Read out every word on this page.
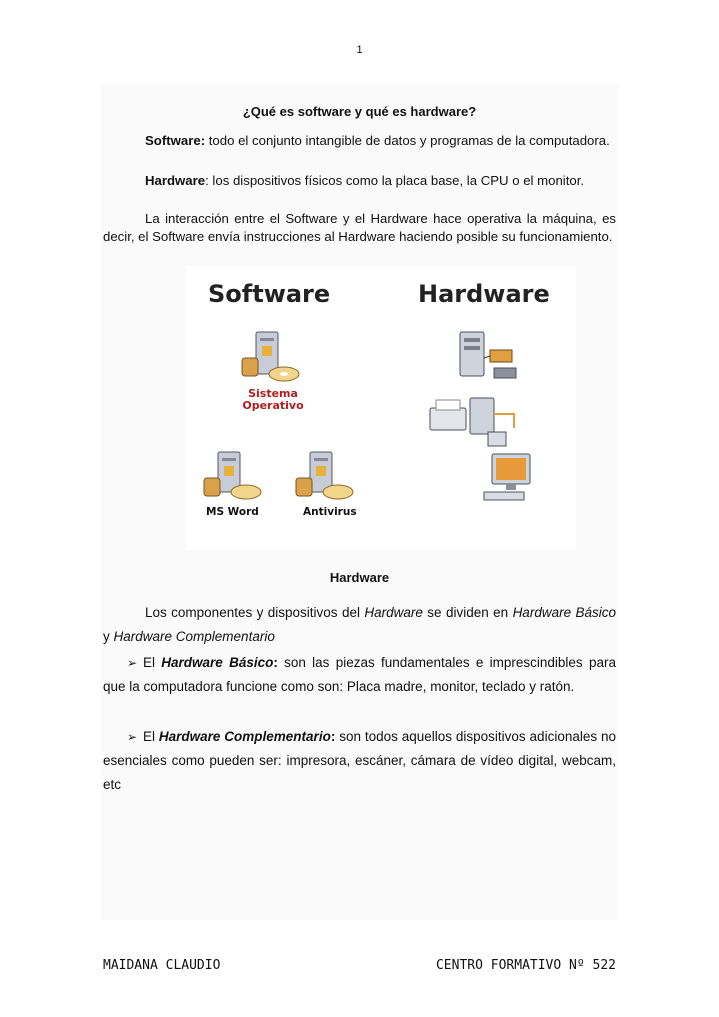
1
¿Qué es software y qué es hardware?
Software: todo el conjunto intangible de datos y programas de la computadora.
Hardware: los dispositivos físicos como la placa base, la CPU o el monitor.
La interacción entre el Software y el Hardware hace operativa la máquina, es decir, el Software envía instrucciones al Hardware haciendo posible su funcionamiento.
Software	Hardware
Sistema
Operativo
MS Word	Antivirus
Hardware
Los componentes y dispositivos del Hardware se dividen en Hardware Básico y Hardware Complementario
➢ El Hardware Básico: son las piezas fundamentales e imprescindibles para que la computadora funcione como son: Placa madre, monitor, teclado y ratón.
➢ El Hardware Complementario: son todos aquellos dispositivos adicionales no esenciales como pueden ser: impresora, escáner, cámara de vídeo digital, webcam, etc
MAIDANA CLAUDIO	CENTRO FORMATIVO Nº 522
